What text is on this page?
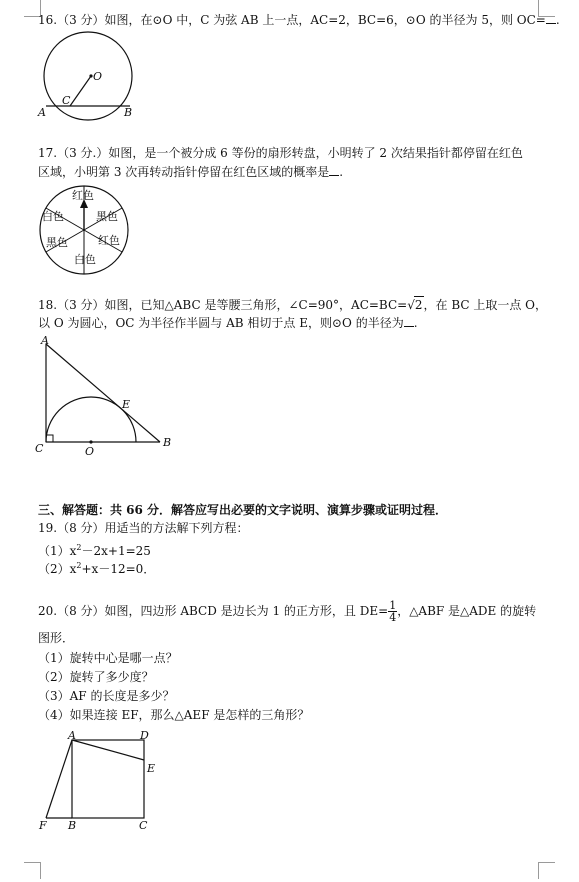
16.（3 分）如图，在⊙O 中，C 为弦 AB 上一点，AC=2，BC=6，⊙O 的半径为 5，则 OC= .
O
C
A	B
17.（3 分.）如图，是一个被分成 6 等份的扇形转盘，小明转了 2 次结果指针都停留在红色
区域，小明第 3 次再转动指针停留在红色区域的概率是 .
红色
黑色
红色
白色
黑色
白色
18.（3 分）如图，已知△ABC 是等腰三角形，∠C=90°，AC=BC=√2，在 BC 上取一点 O，
以 O 为圆心，OC 为半径作半圆与 AB 相切于点 E，则⊙O 的半径为 .
A
E
C	O
B
三、解答题：共 66 分．解答应写出必要的文字说明、演算步骤或证明过程．
19.（8 分）用适当的方法解下列方程：
$(1)x^2-2x+1=25$
$(2)x^2+x-12=0$．
20.（8 分）如图，四边形 ABCD 是边长为 1 的正方形，且 $DE= \frac{1}{4}$ ，△ABF 是△ADE 的旋转
图形．
（1）旋转中心是哪一点？
（2）旋转了多少度？
（3）AF 的长度是多少？
（4）如果连接 EF，那么△AEF 是怎样的三角形？
A	D
E
F B	C
